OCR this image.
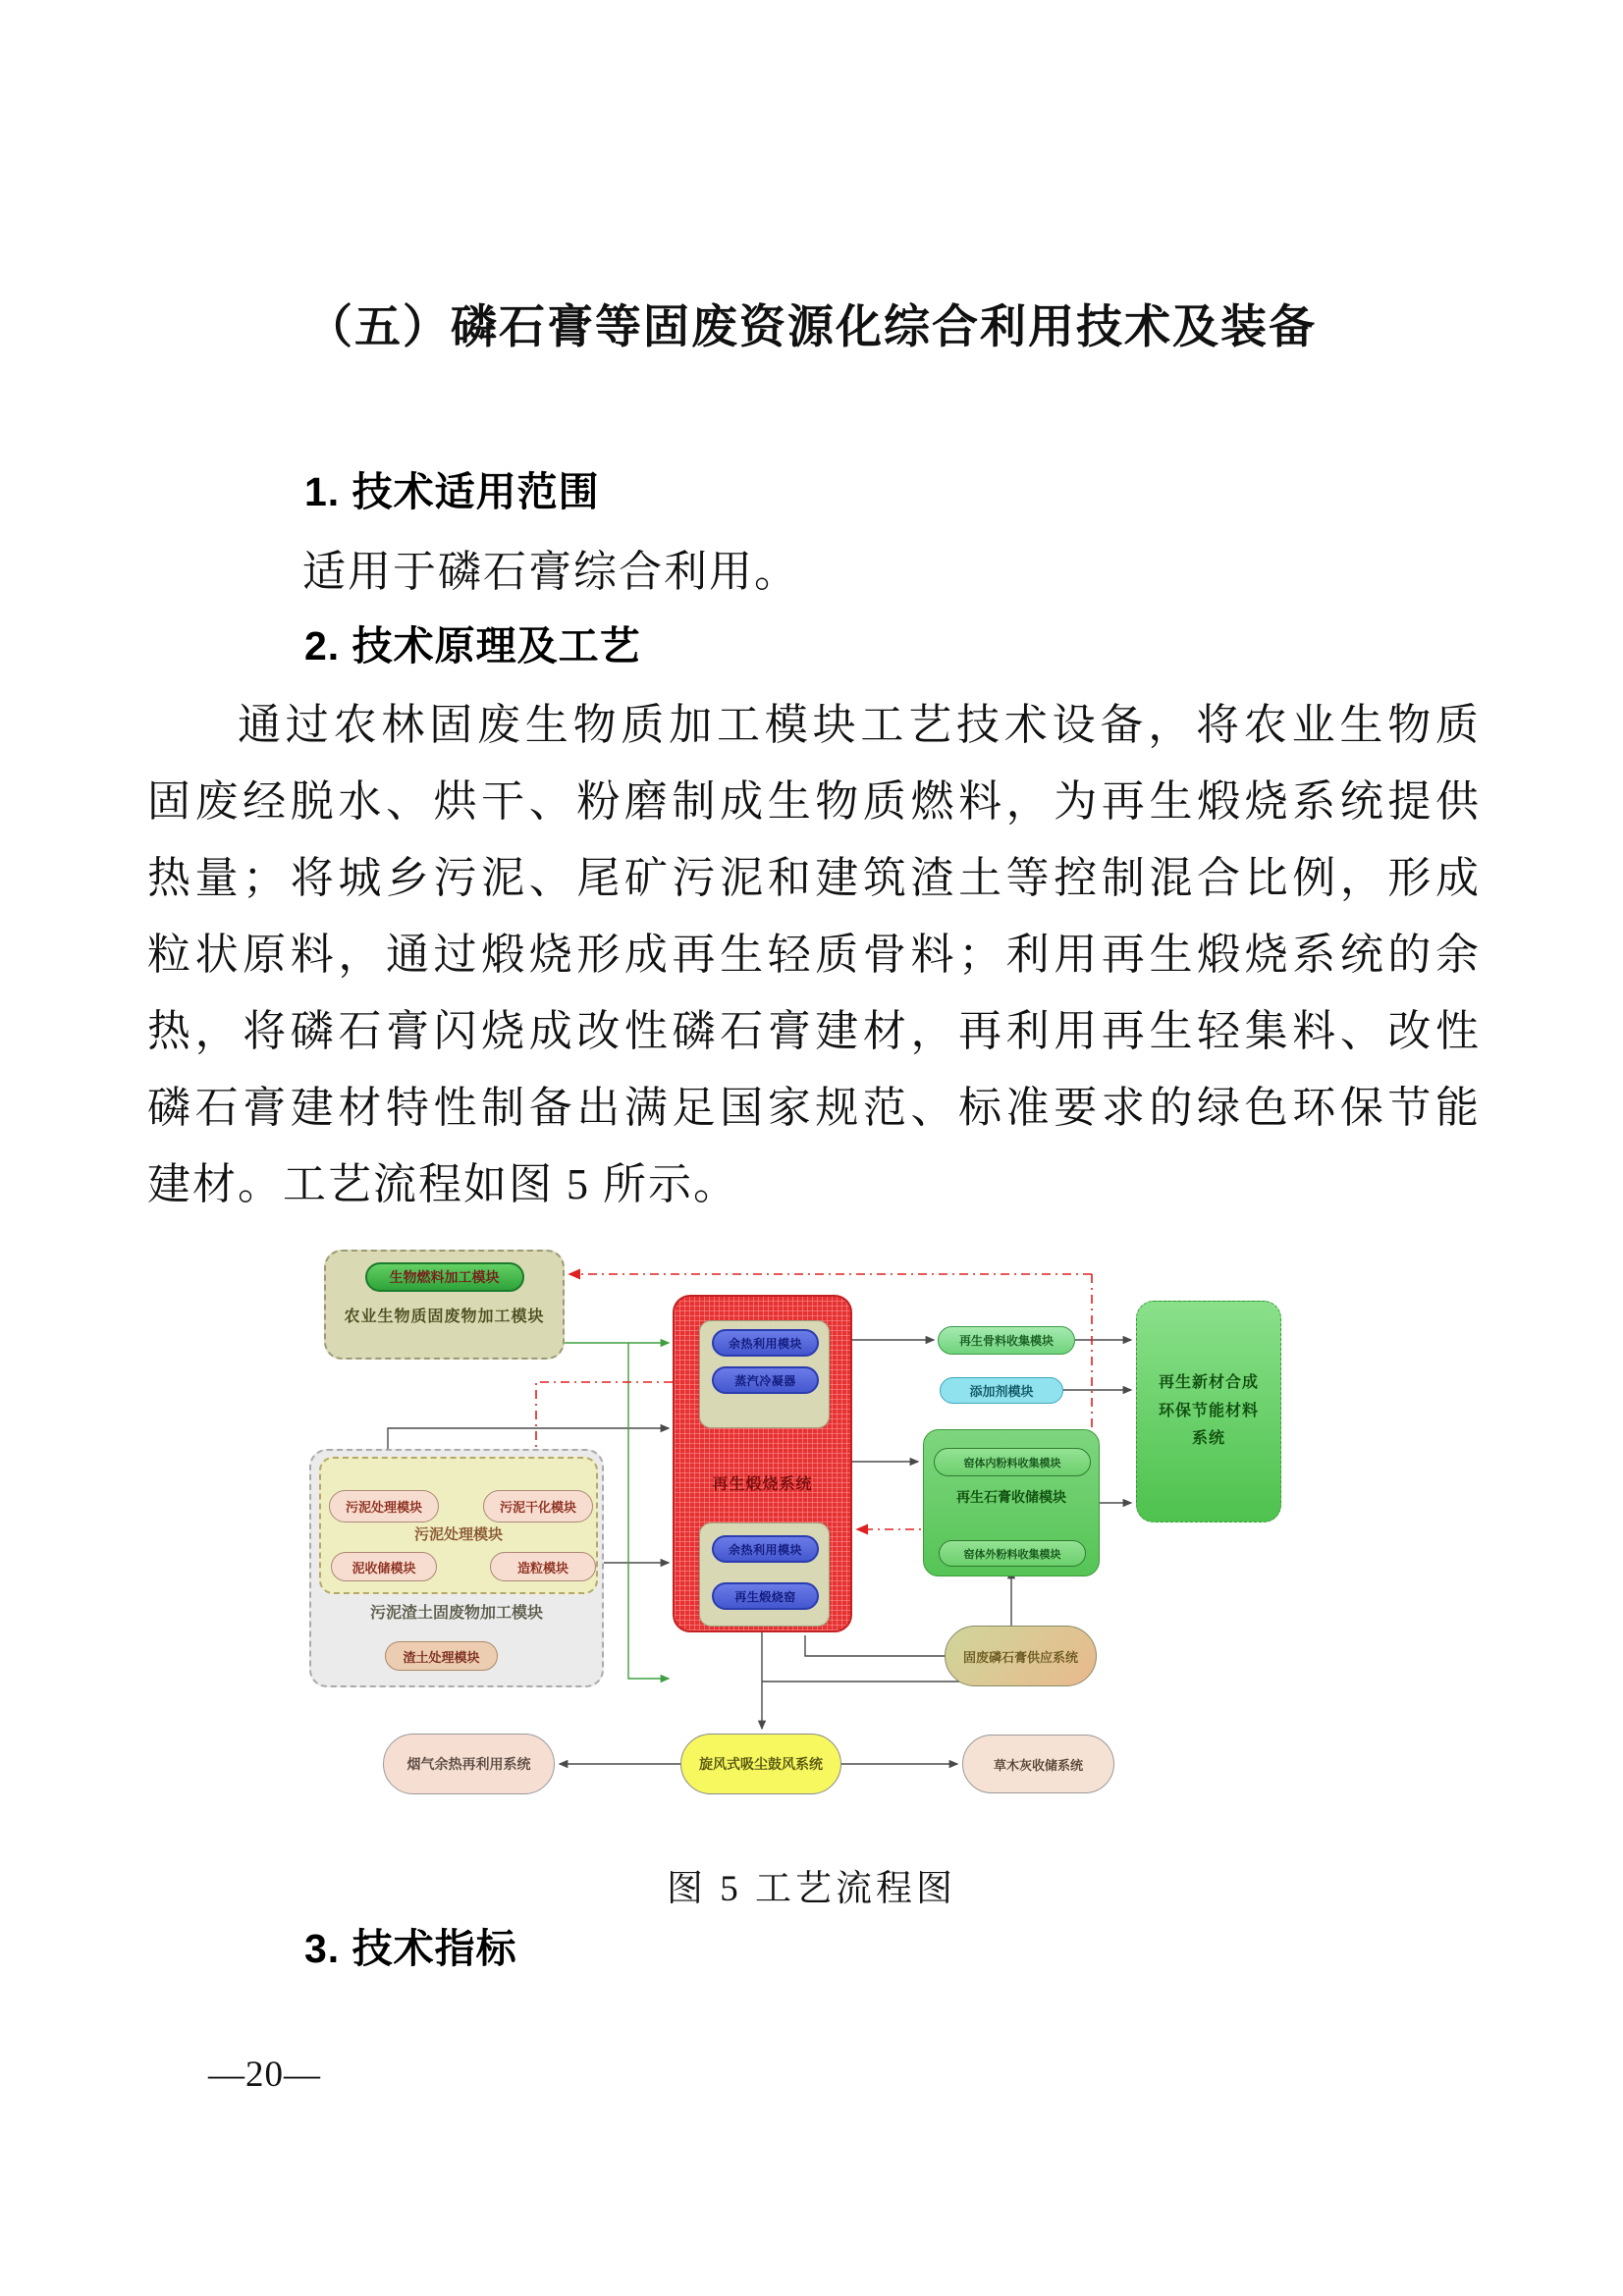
（五）磷石膏等固废资源化综合利用技术及装备
1. 技术适用范围
适用于磷石膏综合利用。
2. 技术原理及工艺
通过农林固废生物质加工模块工艺技术设备，将农业生物质
固废经脱水、烘干、粉磨制成生物质燃料，为再生煅烧系统提供
热量；将城乡污泥、尾矿污泥和建筑渣土等控制混合比例，形成
粒状原料，通过煅烧形成再生轻质骨料；利用再生煅烧系统的余
热，将磷石膏闪烧成改性磷石膏建材，再利用再生轻集料、改性
磷石膏建材特性制备出满足国家规范、标准要求的绿色环保节能
建材。工艺流程如图 5 所示。
生物燃料加工模块
农业生物质固废物加工模块
污泥处理模块	污泥干化模块
污泥处理模块
泥收储模块	造粒模块
污泥渣土固废物加工模块
渣土处理模块
余热利用模块
蒸汽冷凝器
再生煅烧系统
余热利用模块
再生煅烧窑
再生骨料收集模块
添加剂模块
窑体内粉料收集模块
再生石膏收储模块
窑体外粉料收集模块
再生新材合成环保节能材料系统
固废磷石膏供应系统
草木灰收储系统
旋风式吸尘鼓风系统
烟气余热再利用系统
图 5 工艺流程图
3. 技术指标
—20—
